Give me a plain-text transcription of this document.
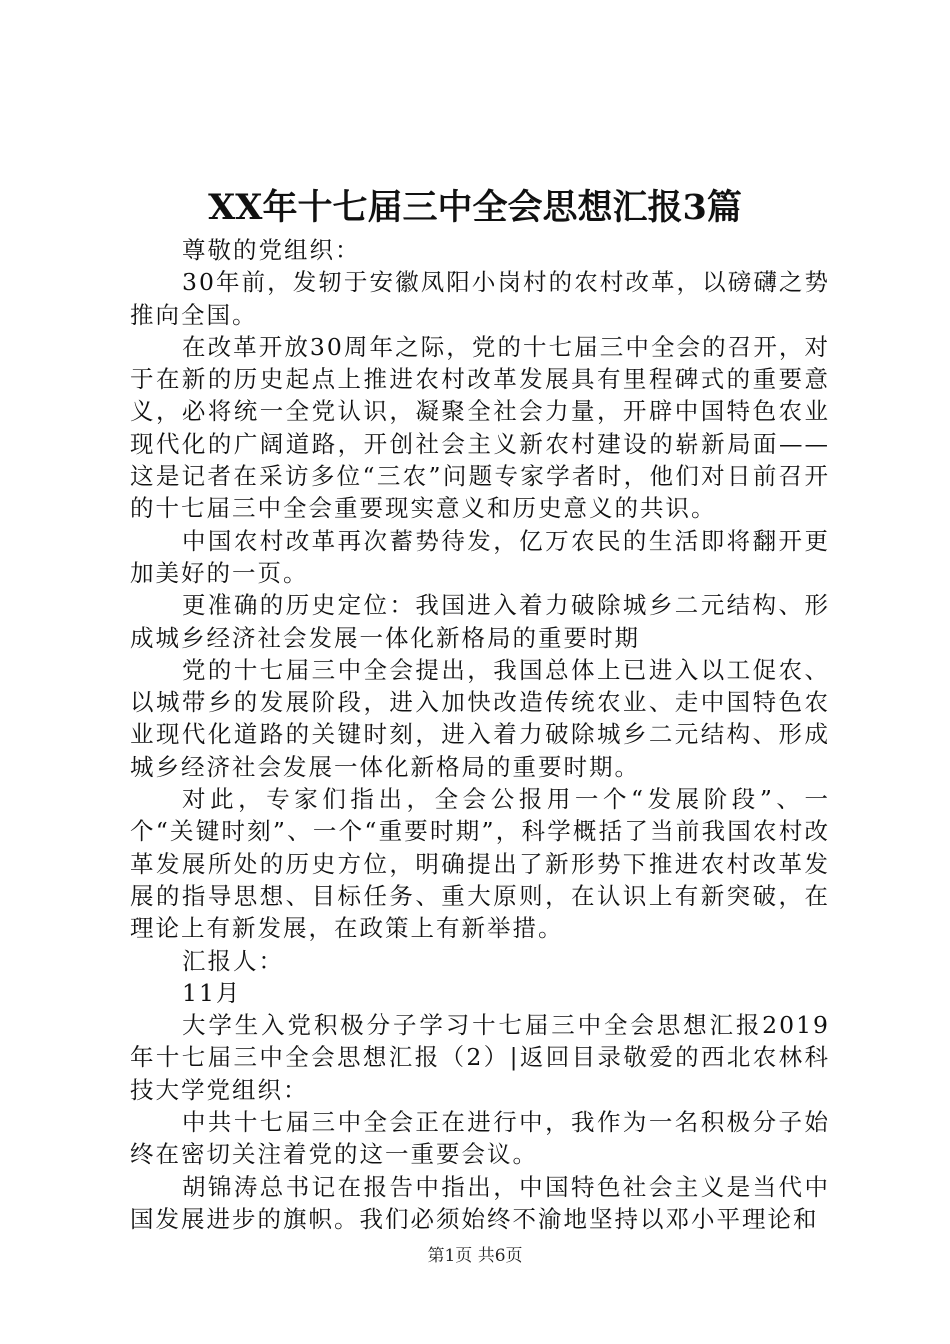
XX年十七届三中全会思想汇报3篇

尊敬的党组织：

30年前，发轫于安徽凤阳小岗村的农村改革，以磅礴之势推向全国。

在改革开放30周年之际，党的十七届三中全会的召开，对于在新的历史起点上推进农村改革发展具有里程碑式的重要意义，必将统一全党认识，凝聚全社会力量，开辟中国特色农业现代化的广阔道路，开创社会主义新农村建设的崭新局面——这是记者在采访多位“三农”问题专家学者时，他们对日前召开的十七届三中全会重要现实意义和历史意义的共识。

中国农村改革再次蓄势待发，亿万农民的生活即将翻开更加美好的一页。

更准确的历史定位：我国进入着力破除城乡二元结构、形成城乡经济社会发展一体化新格局的重要时期

党的十七届三中全会提出，我国总体上已进入以工促农、以城带乡的发展阶段，进入加快改造传统农业、走中国特色农业现代化道路的关键时刻，进入着力破除城乡二元结构、形成城乡经济社会发展一体化新格局的重要时期。

对此，专家们指出，全会公报用一个“发展阶段”、一个“关键时刻”、一个“重要时期”，科学概括了当前我国农村改革发展所处的历史方位，明确提出了新形势下推进农村改革发展的指导思想、目标任务、重大原则，在认识上有新突破，在理论上有新发展，在政策上有新举措。

汇报人：

11月

大学生入党积极分子学习十七届三中全会思想汇报2019年十七届三中全会思想汇报（2）|返回目录敬爱的西北农林科技大学党组织：

中共十七届三中全会正在进行中，我作为一名积极分子始终在密切关注着党的这一重要会议。

胡锦涛总书记在报告中指出，中国特色社会主义是当代中国发展进步的旗帜。我们必须始终不渝地坚持以邓小平理论和

第1页 共6页
